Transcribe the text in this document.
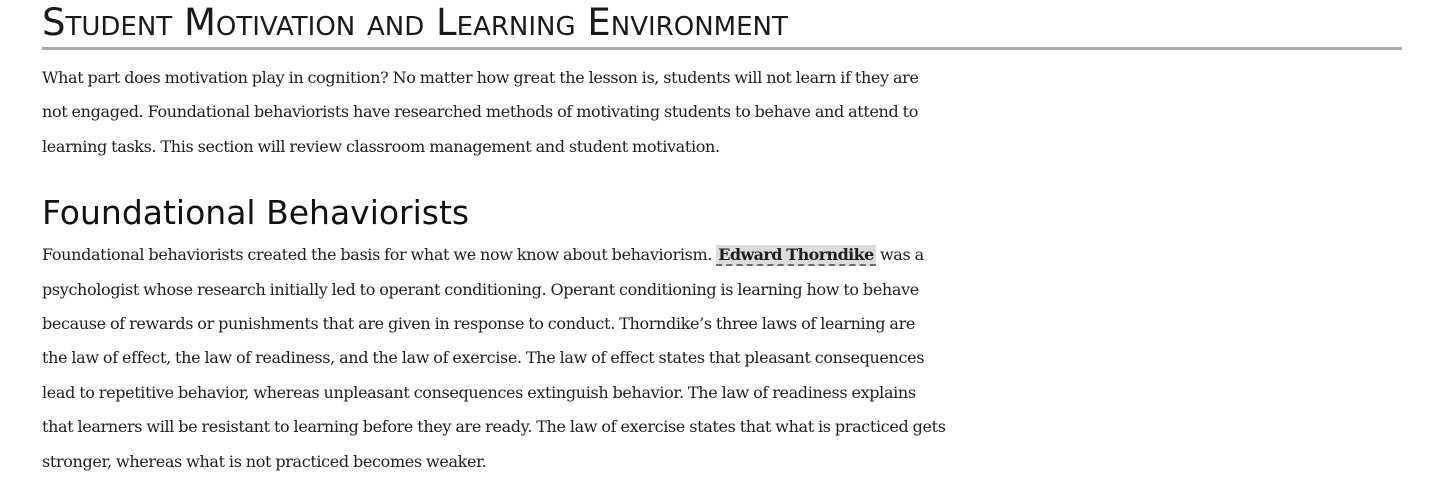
Student Motivation and Learning Environment

What part does motivation play in cognition? No matter how great the lesson is, students will not learn if they are
not engaged. Foundational behaviorists have researched methods of motivating students to behave and attend to
learning tasks. This section will review classroom management and student motivation.

Foundational Behaviorists

Foundational behaviorists created the basis for what we now know about behaviorism. Edward Thorndike was a
psychologist whose research initially led to operant conditioning. Operant conditioning is learning how to behave
because of rewards or punishments that are given in response to conduct. Thorndike’s three laws of learning are
the law of effect, the law of readiness, and the law of exercise. The law of effect states that pleasant consequences
lead to repetitive behavior, whereas unpleasant consequences extinguish behavior. The law of readiness explains
that learners will be resistant to learning before they are ready. The law of exercise states that what is practiced gets
stronger, whereas what is not practiced becomes weaker.
